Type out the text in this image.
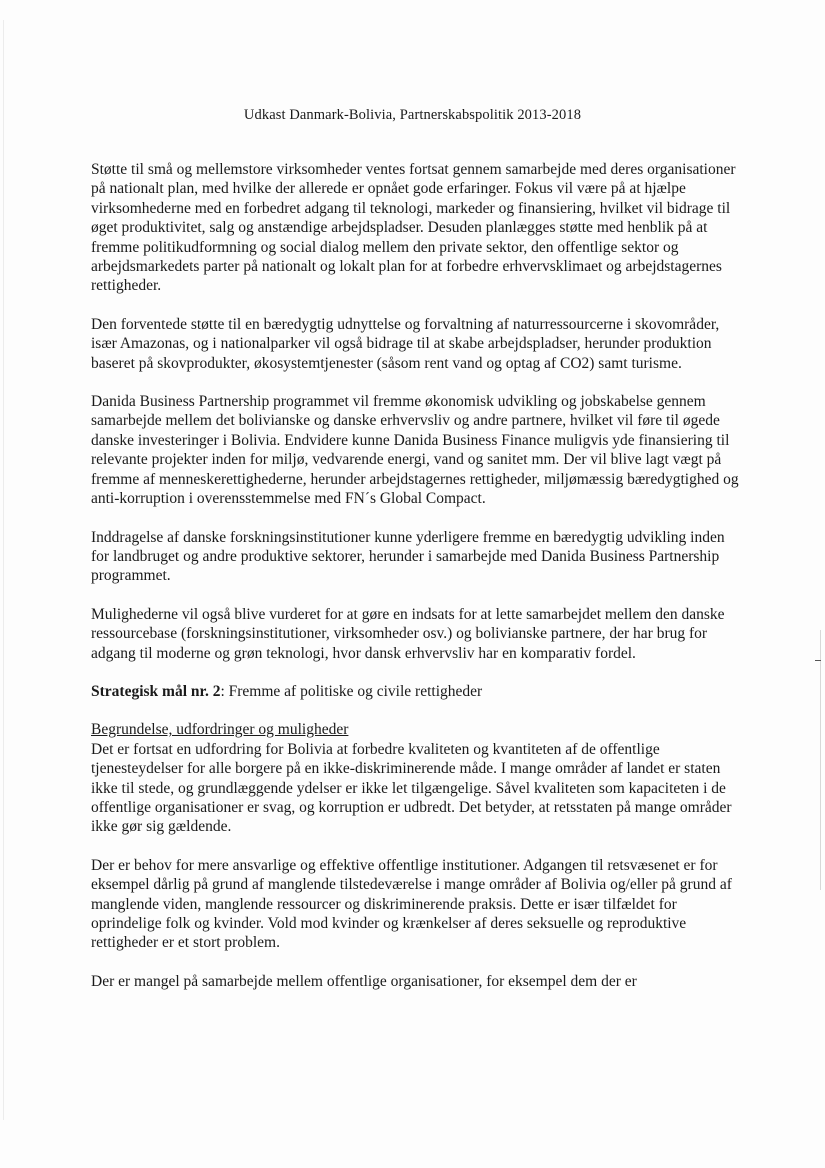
Udkast Danmark-Bolivia, Partnerskabspolitik 2013-2018

Støtte til små og mellemstore virksomheder ventes fortsat gennem samarbejde med deres organisationer på nationalt plan, med hvilke der allerede er opnået gode erfaringer. Fokus vil være på at hjælpe virksomhederne med en forbedret adgang til teknologi, markeder og finansiering, hvilket vil bidrage til øget produktivitet, salg og anstændige arbejdspladser. Desuden planlægges støtte med henblik på at fremme politikudformning og social dialog mellem den private sektor, den offentlige sektor og arbejdsmarkedets parter på nationalt og lokalt plan for at forbedre erhvervsklimaet og arbejdstagernes rettigheder.

Den forventede støtte til en bæredygtig udnyttelse og forvaltning af naturressourcerne i skovområder, især Amazonas, og i nationalparker vil også bidrage til at skabe arbejdspladser, herunder produktion baseret på skovprodukter, økosystemtjenester (såsom rent vand og optag af CO2) samt turisme.

Danida Business Partnership programmet vil fremme økonomisk udvikling og jobskabelse gennem samarbejde mellem det bolivianske og danske erhvervsliv og andre partnere, hvilket vil føre til øgede danske investeringer i Bolivia. Endvidere kunne Danida Business Finance muligvis yde finansiering til relevante projekter inden for miljø, vedvarende energi, vand og sanitet mm. Der vil blive lagt vægt på fremme af menneskerettighederne, herunder arbejdstagernes rettigheder, miljømæssig bæredygtighed og anti-korruption i overensstemmelse med FN´s Global Compact.

Inddragelse af danske forskningsinstitutioner kunne yderligere fremme en bæredygtig udvikling inden for landbruget og andre produktive sektorer, herunder i samarbejde med Danida Business Partnership programmet.

Mulighederne vil også blive vurderet for at gøre en indsats for at lette samarbejdet mellem den danske ressourcebase (forskningsinstitutioner, virksomheder osv.) og bolivianske partnere, der har brug for adgang til moderne og grøn teknologi, hvor dansk erhvervsliv har en komparativ fordel.

Strategisk mål nr. 2: Fremme af politiske og civile rettigheder

Begrundelse, udfordringer og muligheder

Det er fortsat en udfordring for Bolivia at forbedre kvaliteten og kvantiteten af de offentlige tjenesteydelser for alle borgere på en ikke-diskriminerende måde. I mange områder af landet er staten ikke til stede, og grundlæggende ydelser er ikke let tilgængelige. Såvel kvaliteten som kapaciteten i de offentlige organisationer er svag, og korruption er udbredt. Det betyder, at retsstaten på mange områder ikke gør sig gældende.

Der er behov for mere ansvarlige og effektive offentlige institutioner. Adgangen til retsvæsenet er for eksempel dårlig på grund af manglende tilstedeværelse i mange områder af Bolivia og/eller på grund af manglende viden, manglende ressourcer og diskriminerende praksis. Dette er især tilfældet for oprindelige folk og kvinder. Vold mod kvinder og krænkelser af deres seksuelle og reproduktive rettigheder er et stort problem.

Der er mangel på samarbejde mellem offentlige organisationer, for eksempel dem der er
